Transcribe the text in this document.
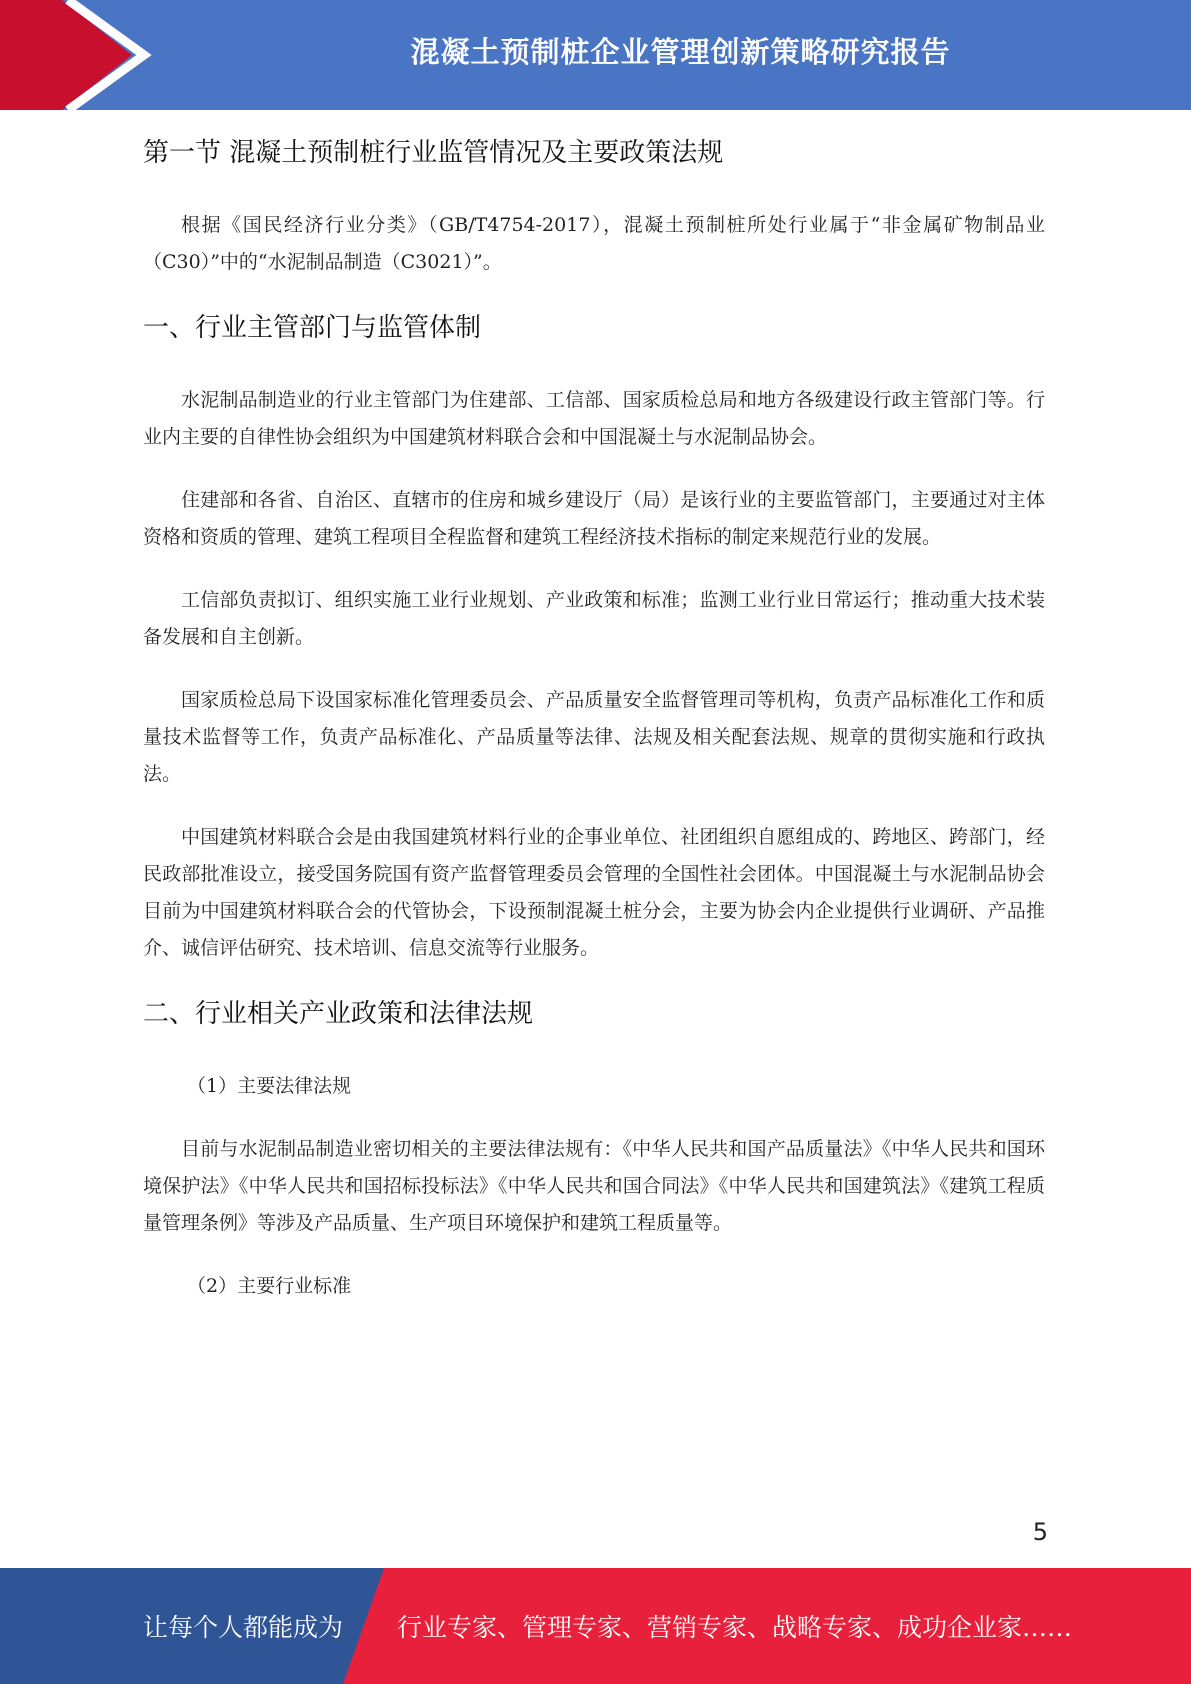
混凝土预制桩企业管理创新策略研究报告
第一节 混凝土预制桩行业监管情况及主要政策法规

根据《国民经济行业分类》（GB/T4754-2017），混凝土预制桩所处行业属于“非金属矿物制品业（C30）”中的“水泥制品制造（C3021）”。

一、行业主管部门与监管体制

水泥制品制造业的行业主管部门为住建部、工信部、国家质检总局和地方各级建设行政主管部门等。行业内主要的自律性协会组织为中国建筑材料联合会和中国混凝土与水泥制品协会。

住建部和各省、自治区、直辖市的住房和城乡建设厅（局）是该行业的主要监管部门，主要通过对主体资格和资质的管理、建筑工程项目全程监督和建筑工程经济技术指标的制定来规范行业的发展。

工信部负责拟订、组织实施工业行业规划、产业政策和标准；监测工业行业日常运行；推动重大技术装备发展和自主创新。

国家质检总局下设国家标准化管理委员会、产品质量安全监督管理司等机构，负责产品标准化工作和质量技术监督等工作，负责产品标准化、产品质量等法律、法规及相关配套法规、规章的贯彻实施和行政执法。

中国建筑材料联合会是由我国建筑材料行业的企事业单位、社团组织自愿组成的、跨地区、跨部门，经民政部批准设立，接受国务院国有资产监督管理委员会管理的全国性社会团体。中国混凝土与水泥制品协会目前为中国建筑材料联合会的代管协会，下设预制混凝土桩分会，主要为协会内企业提供行业调研、产品推介、诚信评估研究、技术培训、信息交流等行业服务。

二、行业相关产业政策和法律法规

（1）主要法律法规

目前与水泥制品制造业密切相关的主要法律法规有：《中华人民共和国产品质量法》《中华人民共和国环境保护法》《中华人民共和国招标投标法》《中华人民共和国合同法》《中华人民共和国建筑法》《建筑工程质量管理条例》等涉及产品质量、生产项目环境保护和建筑工程质量等。

（2）主要行业标准

5
让每个人都能成为 行业专家、管理专家、营销专家、战略专家、成功企业家……
